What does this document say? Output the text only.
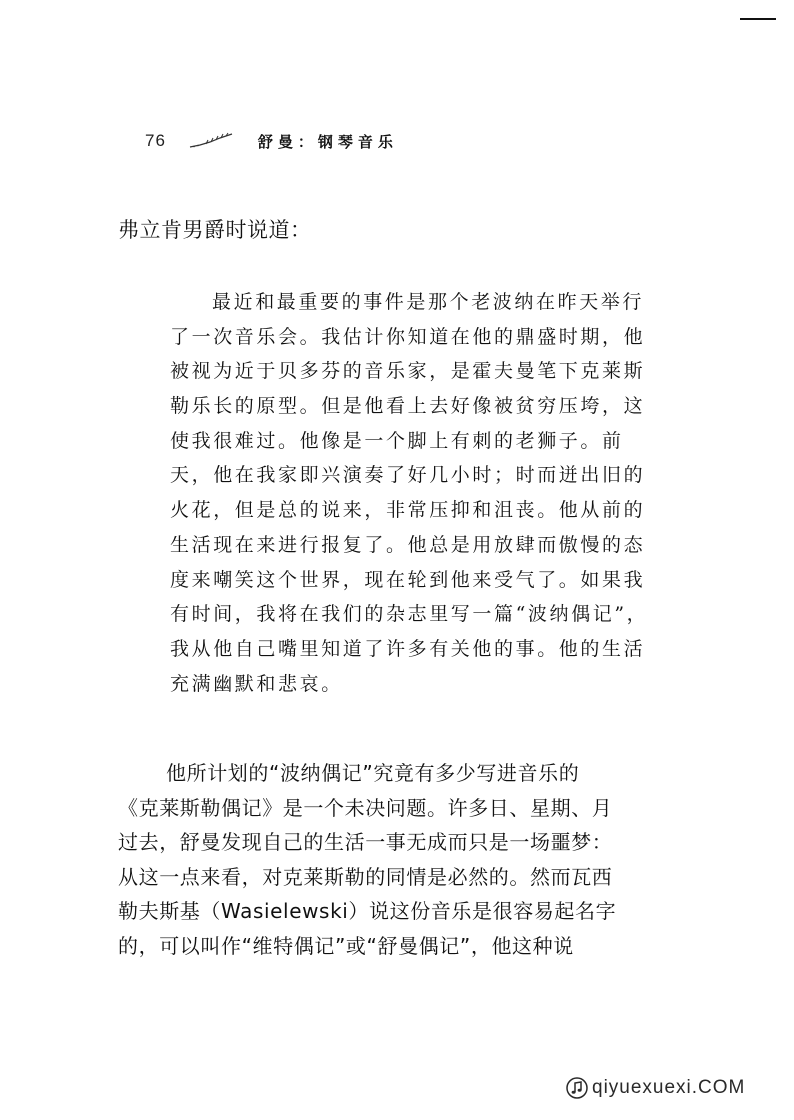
76	舒曼：钢琴音乐
弗立肯男爵时说道：
最近和最重要的事件是那个老波纳在昨天举行
了一次音乐会。我估计你知道在他的鼎盛时期，他
被视为近于贝多芬的音乐家，是霍夫曼笔下克莱斯
勒乐长的原型。但是他看上去好像被贫穷压垮，这
使我很难过。他像是一个脚上有刺的老狮子。前
天，他在我家即兴演奏了好几小时；时而迸出旧的
火花，但是总的说来，非常压抑和沮丧。他从前的
生活现在来进行报复了。他总是用放肆而傲慢的态
度来嘲笑这个世界，现在轮到他来受气了。如果我
有时间，我将在我们的杂志里写一篇“波纳偶记”，
我从他自己嘴里知道了许多有关他的事。他的生活
充满幽默和悲哀。
他所计划的“波纳偶记”究竟有多少写进音乐的
《克莱斯勒偶记》是一个未决问题。许多日、星期、月
过去，舒曼发现自己的生活一事无成而只是一场噩梦：
从这一点来看，对克莱斯勒的同情是必然的。然而瓦西
勒夫斯基（Wasielewski）说这份音乐是很容易起名字
的，可以叫作“维特偶记”或“舒曼偶记”，他这种说
qiyuexuexi.COM
